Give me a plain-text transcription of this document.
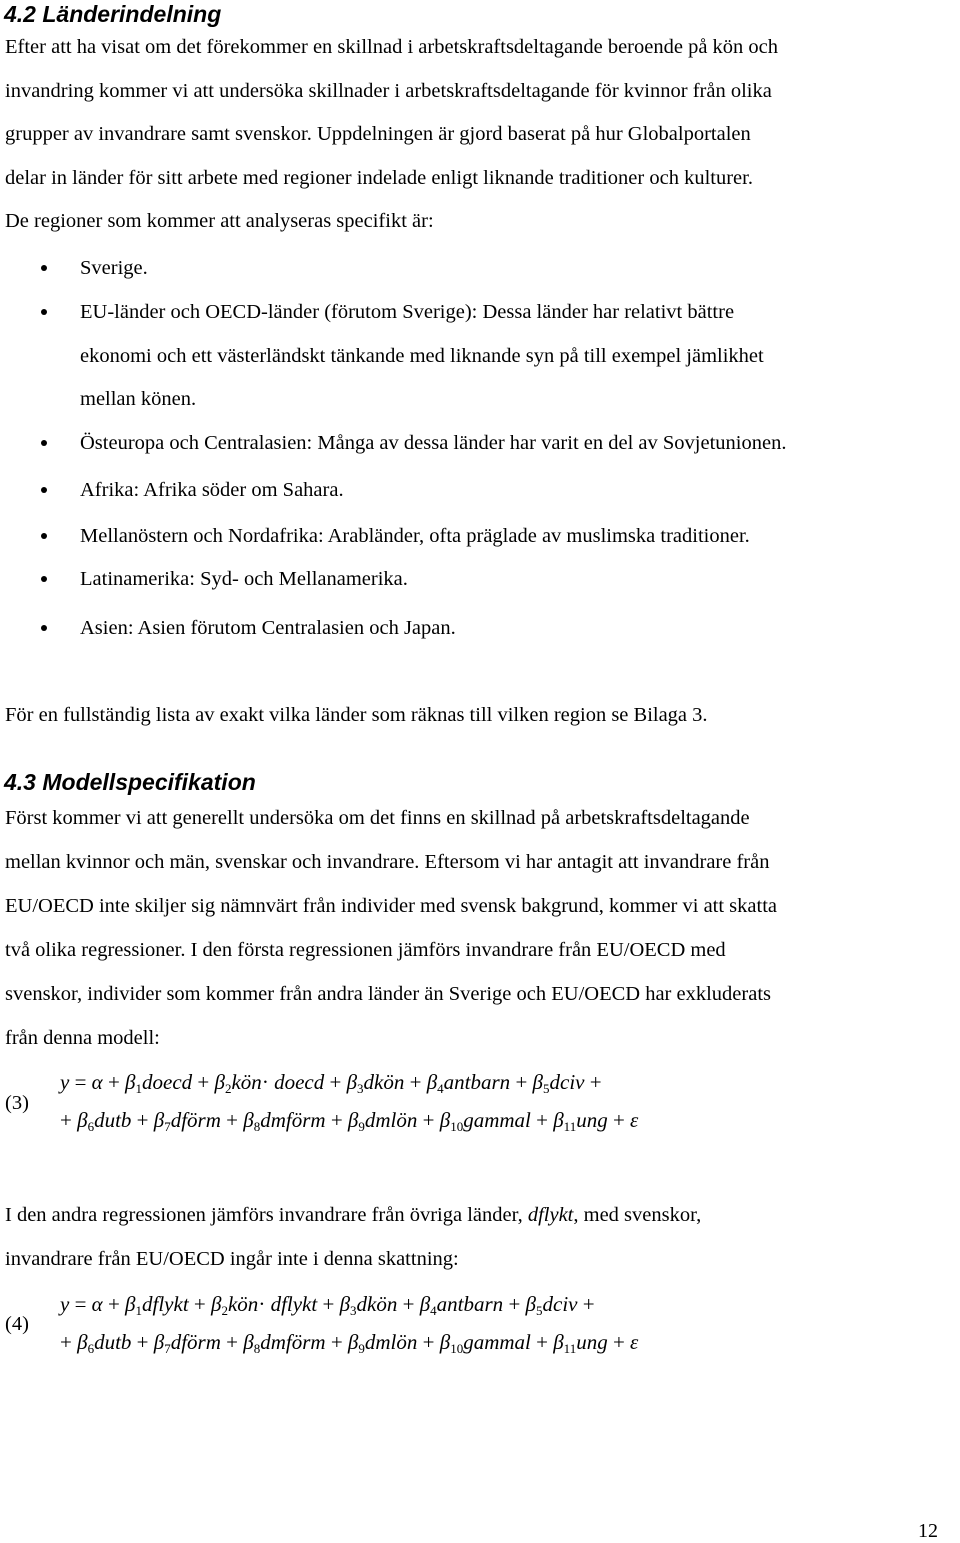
4.2 Länderindelning
Efter att ha visat om det förekommer en skillnad i arbetskraftsdeltagande beroende på kön och
invandring kommer vi att undersöka skillnader i arbetskraftsdeltagande för kvinnor från olika
grupper av invandrare samt svenskor. Uppdelningen är gjord baserat på hur Globalportalen
delar in länder för sitt arbete med regioner indelade enligt liknande traditioner och kulturer.
De regioner som kommer att analyseras specifikt är:
Sverige.
EU-länder och OECD-länder (förutom Sverige): Dessa länder har relativt bättre
ekonomi och ett västerländskt tänkande med liknande syn på till exempel jämlikhet
mellan könen.
Östeuropa och Centralasien: Många av dessa länder har varit en del av Sovjetunionen.
Afrika: Afrika söder om Sahara.
Mellanöstern och Nordafrika: Arabländer, ofta präglade av muslimska traditioner.
Latinamerika: Syd- och Mellanamerika.
Asien: Asien förutom Centralasien och Japan.
För en fullständig lista av exakt vilka länder som räknas till vilken region se Bilaga 3.
4.3 Modellspecifikation
Först kommer vi att generellt undersöka om det finns en skillnad på arbetskraftsdeltagande
mellan kvinnor och män, svenskar och invandrare. Eftersom vi har antagit att invandrare från
EU/OECD inte skiljer sig nämnvärt från individer med svensk bakgrund, kommer vi att skatta
två olika regressioner. I den första regressionen jämförs invandrare från EU/OECD med
svenskor, individer som kommer från andra länder än Sverige och EU/OECD har exkluderats
från denna modell:
(3)
$y = \alpha + \beta_1doecd$ + $\beta_2kön\cdot$ doecd + $\beta_3dkön$ + $\beta_4antbarn$ + $\beta_5dciv$ +
+ $\beta_6dutb$ + $\beta_7dförm$ + $\beta_8dmförm$ + $\beta_9dmlön$ + $\beta_{10}gammal + \beta_{11}ung + \varepsilon$
I den andra regressionen jämförs invandrare från övriga länder, dflykt, med svenskor,
invandrare från EU/OECD ingår inte i denna skattning:
(4)
$y = \alpha + \beta_1dflykt$ + $\beta_2kön\cdot$ dflykt + $\beta_3dkön$ + $\beta_4antbarn$ + $\beta_5dciv$ +
+ $\beta_6dutb$ + $\beta_7dförm$ + $\beta_8dmförm$ + $\beta_9dmlön$ + $\beta_{10}gammal + \beta_{11}ung + \varepsilon$
12
